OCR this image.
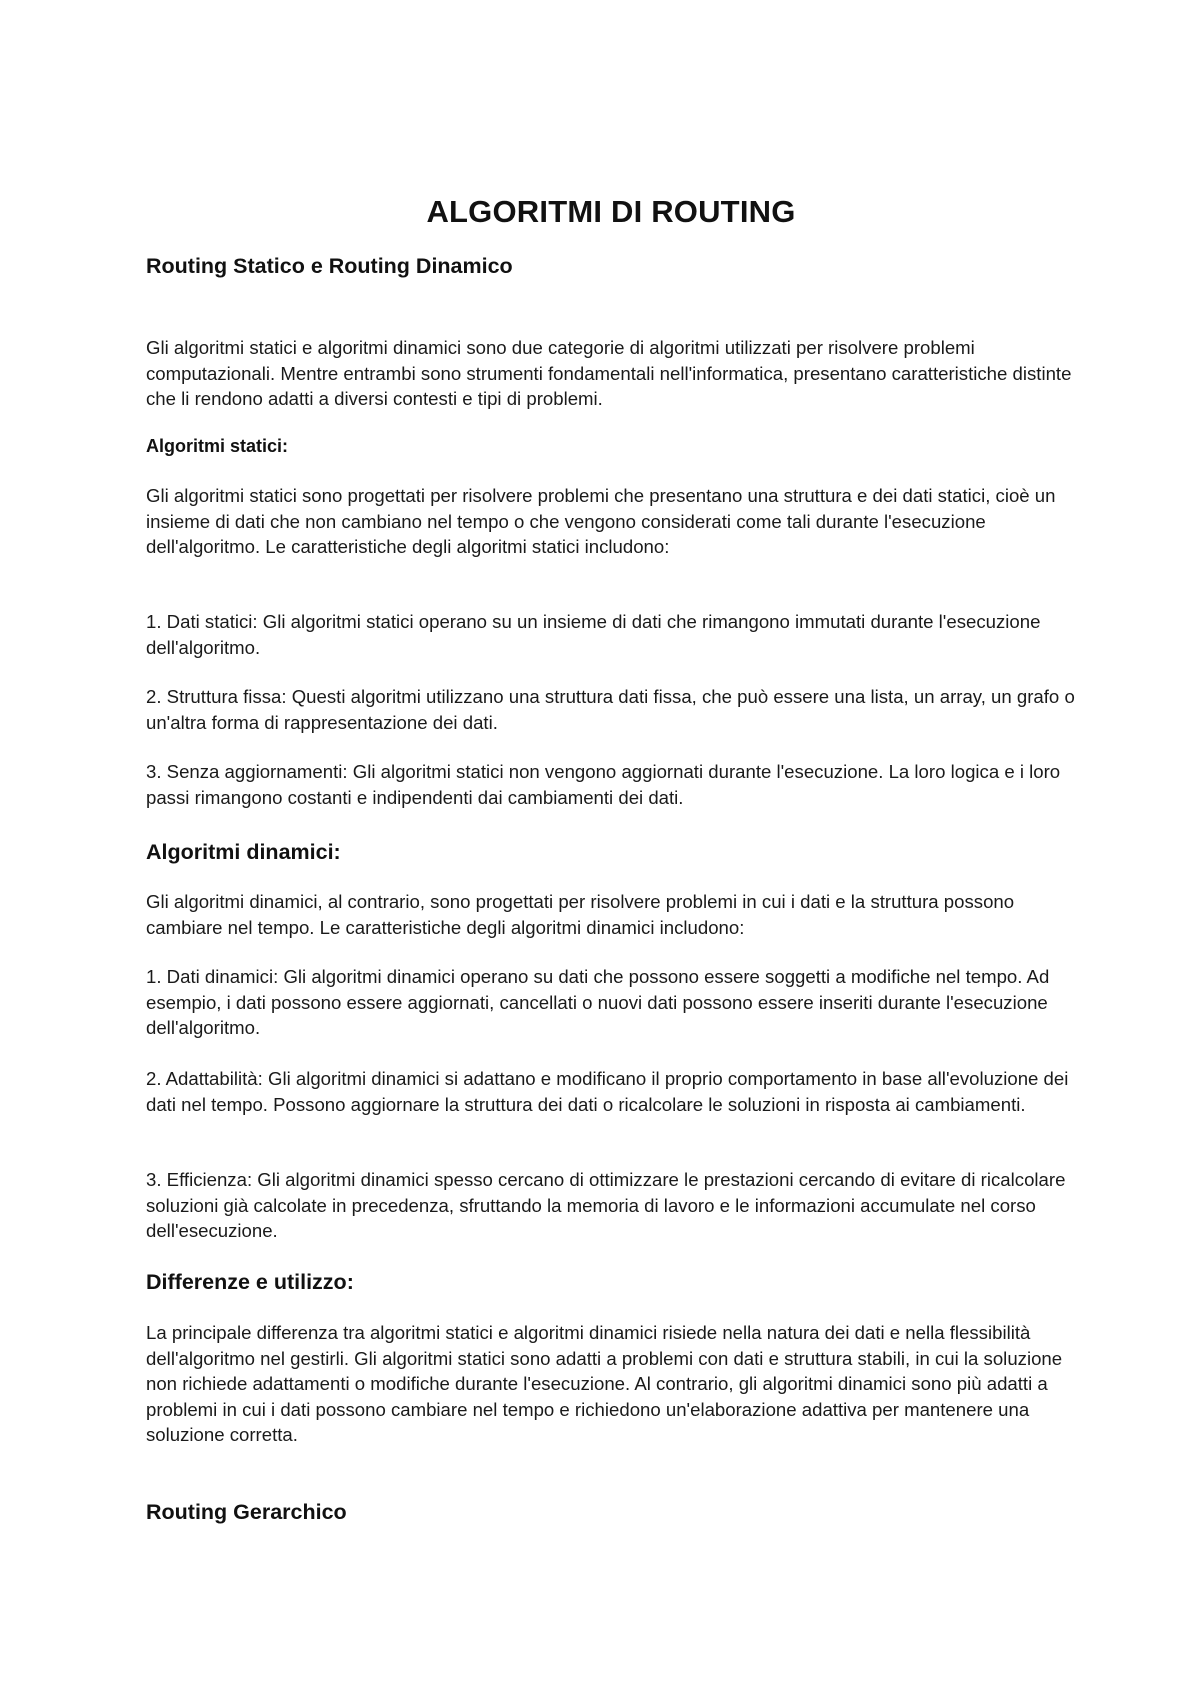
ALGORITMI DI ROUTING
Routing Statico e Routing Dinamico

Gli algoritmi statici e algoritmi dinamici sono due categorie di algoritmi utilizzati per risolvere problemi computazionali. Mentre entrambi sono strumenti fondamentali nell'informatica, presentano caratteristiche distinte che li rendono adatti a diversi contesti e tipi di problemi.

Algoritmi statici:

Gli algoritmi statici sono progettati per risolvere problemi che presentano una struttura e dei dati statici, cioè un insieme di dati che non cambiano nel tempo o che vengono considerati come tali durante l'esecuzione dell'algoritmo. Le caratteristiche degli algoritmi statici includono:

1. Dati statici: Gli algoritmi statici operano su un insieme di dati che rimangono immutati durante l'esecuzione dell'algoritmo.

2. Struttura fissa: Questi algoritmi utilizzano una struttura dati fissa, che può essere una lista, un array, un grafo o un'altra forma di rappresentazione dei dati.

3. Senza aggiornamenti: Gli algoritmi statici non vengono aggiornati durante l'esecuzione. La loro logica e i loro passi rimangono costanti e indipendenti dai cambiamenti dei dati.

Algoritmi dinamici:

Gli algoritmi dinamici, al contrario, sono progettati per risolvere problemi in cui i dati e la struttura possono cambiare nel tempo. Le caratteristiche degli algoritmi dinamici includono:

1. Dati dinamici: Gli algoritmi dinamici operano su dati che possono essere soggetti a modifiche nel tempo. Ad esempio, i dati possono essere aggiornati, cancellati o nuovi dati possono essere inseriti durante l'esecuzione dell'algoritmo.

2. Adattabilità: Gli algoritmi dinamici si adattano e modificano il proprio comportamento in base all'evoluzione dei dati nel tempo. Possono aggiornare la struttura dei dati o ricalcolare le soluzioni in risposta ai cambiamenti.

3. Efficienza: Gli algoritmi dinamici spesso cercano di ottimizzare le prestazioni cercando di evitare di ricalcolare soluzioni già calcolate in precedenza, sfruttando la memoria di lavoro e le informazioni accumulate nel corso dell'esecuzione.

Differenze e utilizzo:

La principale differenza tra algoritmi statici e algoritmi dinamici risiede nella natura dei dati e nella flessibilità dell'algoritmo nel gestirli. Gli algoritmi statici sono adatti a problemi con dati e struttura stabili, in cui la soluzione non richiede adattamenti o modifiche durante l'esecuzione. Al contrario, gli algoritmi dinamici sono più adatti a problemi in cui i dati possono cambiare nel tempo e richiedono un'elaborazione adattiva per mantenere una soluzione corretta.

Routing Gerarchico
